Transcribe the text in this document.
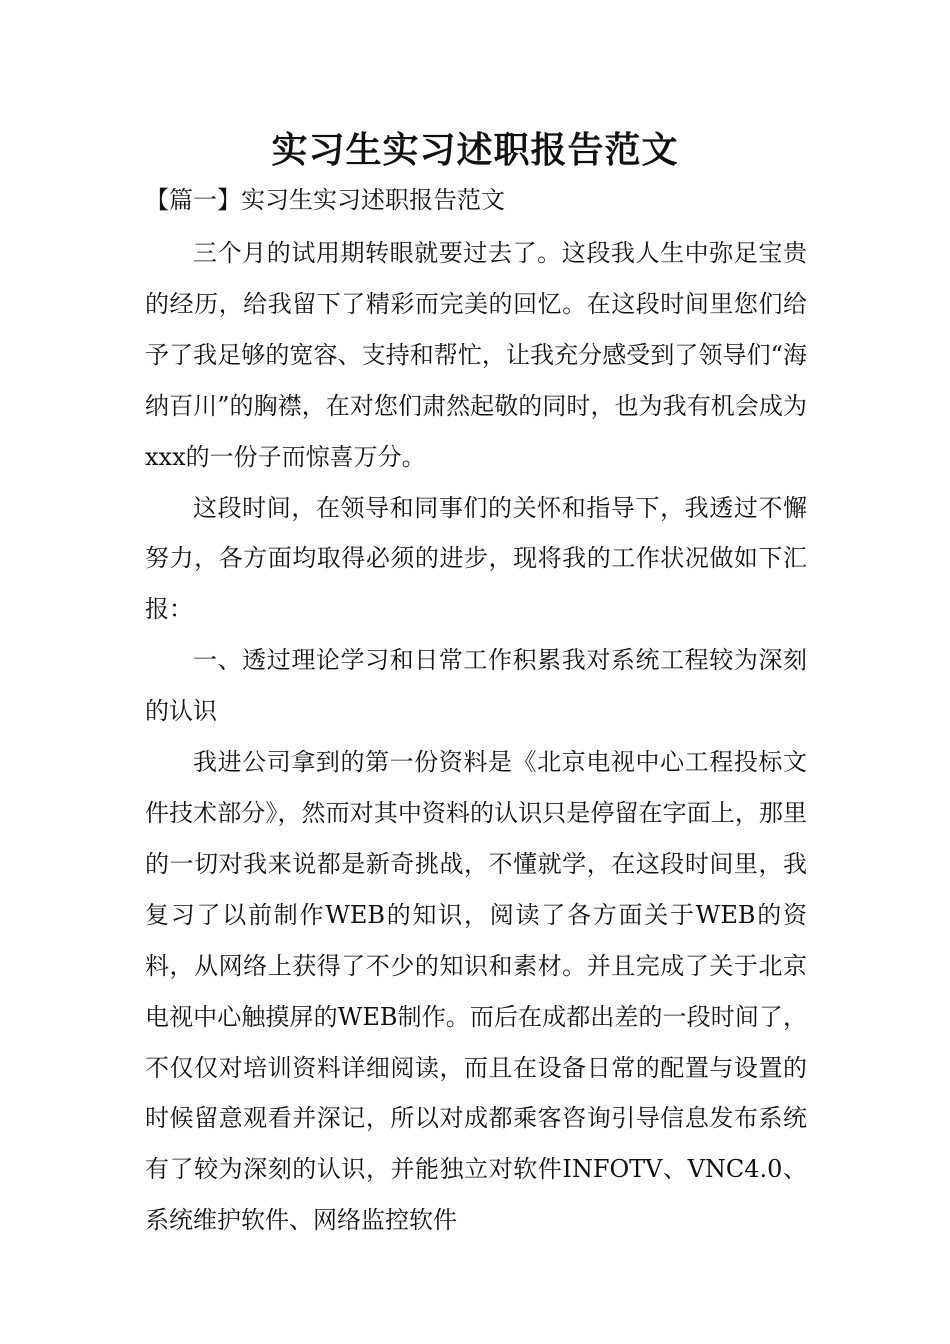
实习生实习述职报告范文

【篇一】实习生实习述职报告范文

三个月的试用期转眼就要过去了。这段我人生中弥足宝贵的经历，给我留下了精彩而完美的回忆。在这段时间里您们给予了我足够的宽容、支持和帮忙，让我充分感受到了领导们“海纳百川”的胸襟，在对您们肃然起敬的同时，也为我有机会成为xxx的一份子而惊喜万分。

这段时间，在领导和同事们的关怀和指导下，我透过不懈努力，各方面均取得必须的进步，现将我的工作状况做如下汇报：

一、透过理论学习和日常工作积累我对系统工程较为深刻的认识

我进公司拿到的第一份资料是《北京电视中心工程投标文件技术部分》，然而对其中资料的认识只是停留在字面上，那里的一切对我来说都是新奇挑战，不懂就学，在这段时间里，我复习了以前制作WEB的知识，阅读了各方面关于WEB的资料，从网络上获得了不少的知识和素材。并且完成了关于北京电视中心触摸屏的WEB制作。而后在成都出差的一段时间了，不仅仅对培训资料详细阅读，而且在设备日常的配置与设置的时候留意观看并深记，所以对成都乘客咨询引导信息发布系统有了较为深刻的认识，并能独立对软件INFOTV、VNC4.0、系统维护软件、网络监控软件
